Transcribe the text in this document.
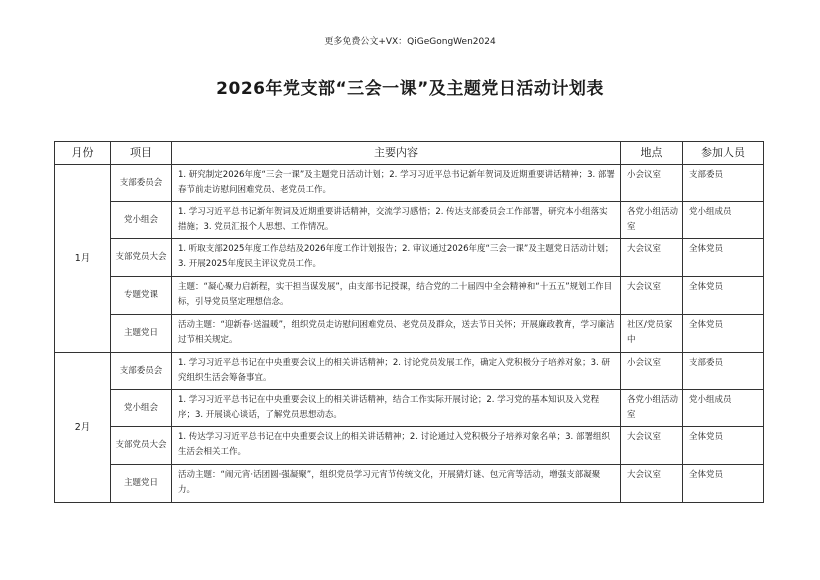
更多免费公文+VX：QiGeGongWen2024
2026年党支部“三会一课”及主题党日活动计划表
月份	项目	主要内容	地点	参加人员
1月	支部委员会	1. 研究制定2026年度“三会一课”及主题党日活动计划；2. 学习习近平总书记新年贺词及近期重要讲话精神；3. 部署春节前走访慰问困难党员、老党员工作。	小会议室	支部委员
	党小组会	1. 学习习近平总书记新年贺词及近期重要讲话精神，交流学习感悟；2. 传达支部委员会工作部署，研究本小组落实措施；3. 党员汇报个人思想、工作情况。	各党小组活动室	党小组成员
	支部党员大会	1. 听取支部2025年度工作总结及2026年度工作计划报告；2. 审议通过2026年度“三会一课”及主题党日活动计划；3. 开展2025年度民主评议党员工作。	大会议室	全体党员
	专题党课	主题：“凝心聚力启新程，实干担当谋发展”，由支部书记授课，结合党的二十届四中全会精神和“十五五”规划工作目标，引导党员坚定理想信念。	大会议室	全体党员
	主题党日	活动主题：“迎新春·送温暖”，组织党员走访慰问困难党员、老党员及群众，送去节日关怀；开展廉政教育，学习廉洁过节相关规定。	社区/党员家中	全体党员
2月	支部委员会	1. 学习习近平总书记在中央重要会议上的相关讲话精神；2. 讨论党员发展工作，确定入党积极分子培养对象；3. 研究组织生活会筹备事宜。	小会议室	支部委员
	党小组会	1. 学习习近平总书记在中央重要会议上的相关讲话精神，结合工作实际开展讨论；2. 学习党的基本知识及入党程序；3. 开展谈心谈话，了解党员思想动态。	各党小组活动室	党小组成员
	支部党员大会	1. 传达学习习近平总书记在中央重要会议上的相关讲话精神；2. 讨论通过入党积极分子培养对象名单；3. 部署组织生活会相关工作。	大会议室	全体党员
	主题党日	活动主题：“闹元宵·话团圆·强凝聚”，组织党员学习元宵节传统文化，开展猜灯谜、包元宵等活动，增强支部凝聚力。	大会议室	全体党员
